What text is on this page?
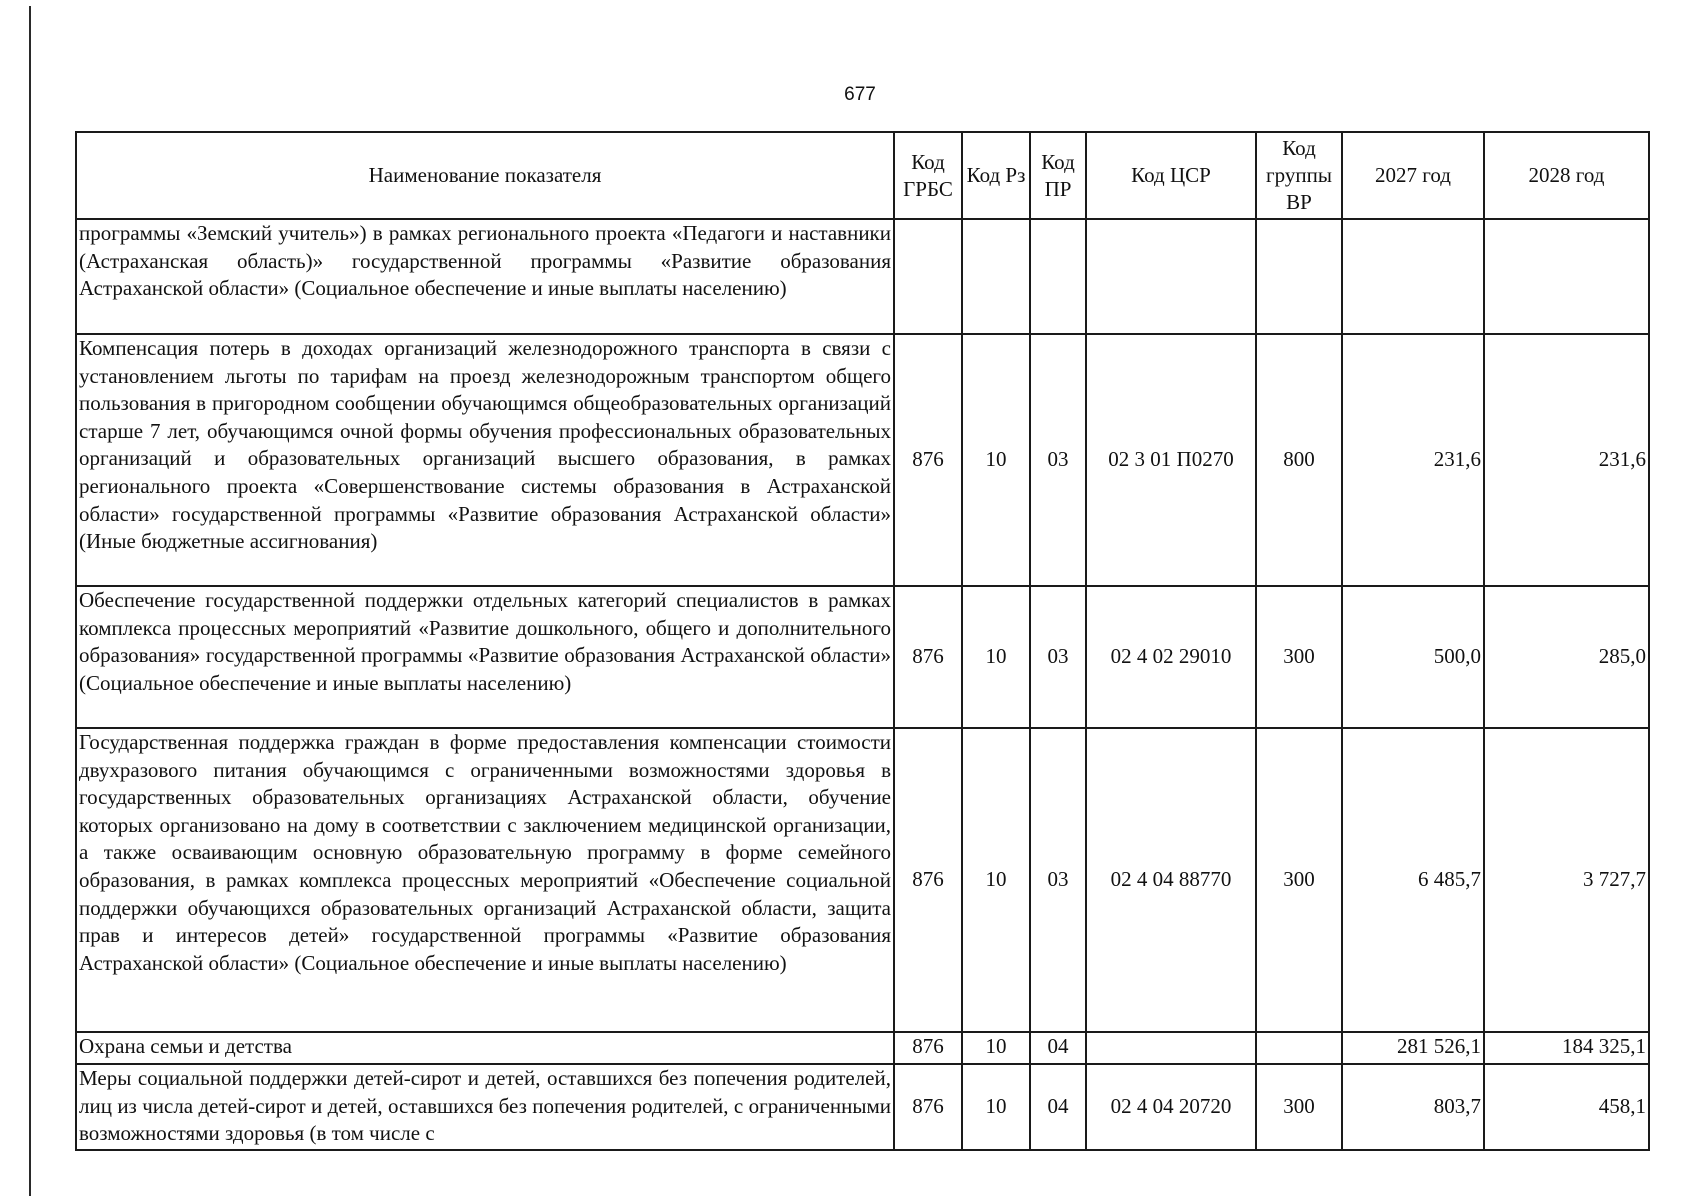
677
Наименование показателя	Код ГРБС	Код Рз	Код ПР	Код ЦСР	Код группы ВР	2027 год	2028 год
программы «Земский учитель») в рамках регионального проекта «Педагоги и наставники (Астраханская область)» государственной программы «Развитие образования Астраханской области» (Социальное обеспечение и иные выплаты населению)							
Компенсация потерь в доходах организаций железнодорожного транспорта в связи с установлением льготы по тарифам на проезд железнодорожным транспортом общего пользования в пригородном сообщении обучающимся общеобразовательных организаций старше 7 лет, обучающимся очной формы обучения профессиональных образовательных организаций и образовательных организаций высшего образования, в рамках регионального проекта «Совершенствование системы образования в Астраханской области» государственной программы «Развитие образования Астраханской области» (Иные бюджетные ассигнования)	876	10	03	02 3 01 П0270	800	231,6	231,6
Обеспечение государственной поддержки отдельных категорий специалистов в рамках комплекса процессных мероприятий «Развитие дошкольного, общего и дополнительного образования» государственной программы «Развитие образования Астраханской области» (Социальное обеспечение и иные выплаты населению)	876	10	03	02 4 02 29010	300	500,0	285,0
Государственная поддержка граждан в форме предоставления компенсации стоимости двухразового питания обучающимся с ограниченными возможностями здоровья в государственных образовательных организациях Астраханской области, обучение которых организовано на дому в соответствии с заключением медицинской организации, а также осваивающим основную образовательную программу в форме семейного образования, в рамках комплекса процессных мероприятий «Обеспечение социальной поддержки обучающихся образовательных организаций Астраханской области, защита прав и интересов детей» государственной программы «Развитие образования Астраханской области» (Социальное обеспечение и иные выплаты населению)	876	10	03	02 4 04 88770	300	6 485,7	3 727,7
Охрана семьи и детства	876	10	04			281 526,1	184 325,1
Меры социальной поддержки детей-сирот и детей, оставшихся без попечения родителей, лиц из числа детей-сирот и детей, оставшихся без попечения родителей, с ограниченными возможностями здоровья (в том числе с	876	10	04	02 4 04 20720	300	803,7	458,1
